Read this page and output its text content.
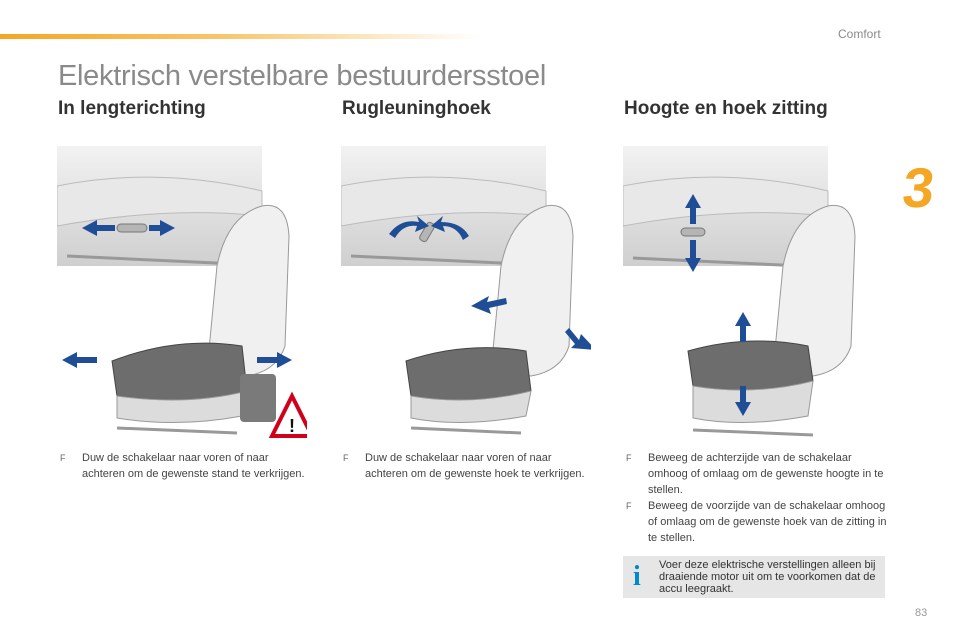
Comfort
3
Elektrisch verstelbare bestuurdersstoel
In lengterichting
!
F	Duw de schakelaar naar voren of naar achteren om de gewenste stand te verkrijgen.
Rugleuninghoek
F	Duw de schakelaar naar voren of naar achteren om de gewenste hoek te verkrijgen.
Hoogte en hoek zitting
F	Beweeg de achterzijde van de schakelaar omhoog of omlaag om de gewenste hoogte in te stellen.
F	Beweeg de voorzijde van de schakelaar omhoog of omlaag om de gewenste hoek van de zitting in te stellen.
i	Voer deze elektrische verstellingen alleen bij draaiende motor uit om te voorkomen dat de accu leegraakt.
83
